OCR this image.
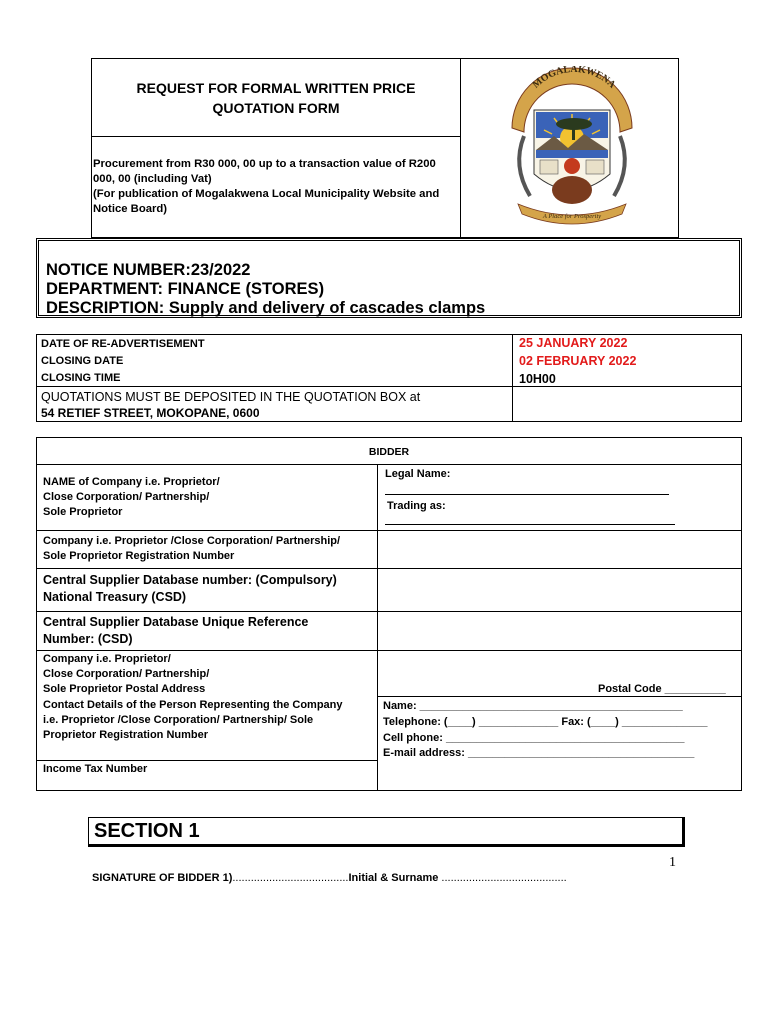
REQUEST FOR FORMAL WRITTEN PRICE
QUOTATION FORM
Procurement from R30 000, 00 up to a transaction value of R200
000, 00 (including Vat)
(For publication of Mogalakwena Local Municipality Website and
Notice Board)
MOGALAKWENA
A Place for Prosperity
NOTICE NUMBER:23/2022
DEPARTMENT: FINANCE (STORES)
DESCRIPTION: Supply and delivery of cascades clamps
DATE OF RE-ADVERTISEMENT
CLOSING DATE
CLOSING TIME
25 JANUARY 2022
02 FEBRUARY 2022
10H00
QUOTATIONS MUST BE DEPOSITED IN THE QUOTATION BOX at
54 RETIEF STREET, MOKOPANE, 0600
BIDDER
NAME of Company i.e. Proprietor/
Close Corporation/ Partnership/
Sole Proprietor
Legal Name:
Trading as:
Company i.e. Proprietor /Close Corporation/ Partnership/
Sole Proprietor Registration Number
Central Supplier Database number: (Compulsory)
National Treasury (CSD)
Central Supplier Database Unique Reference
Number: (CSD)
Company i.e. Proprietor/
Close Corporation/ Partnership/
Sole Proprietor Postal Address	Postal Code __________
Contact Details of the Person Representing the Company
i.e. Proprietor /Close Corporation/ Partnership/ Sole
Proprietor Registration Number
Name: ___________________________________________
Telephone: (____) _____________ Fax: (____) ______________
Cell phone: _______________________________________
E-mail address: _____________________________________
Income Tax Number
SECTION 1
1
SIGNATURE OF BIDDER 1)......................................Initial & Surname .........................................
